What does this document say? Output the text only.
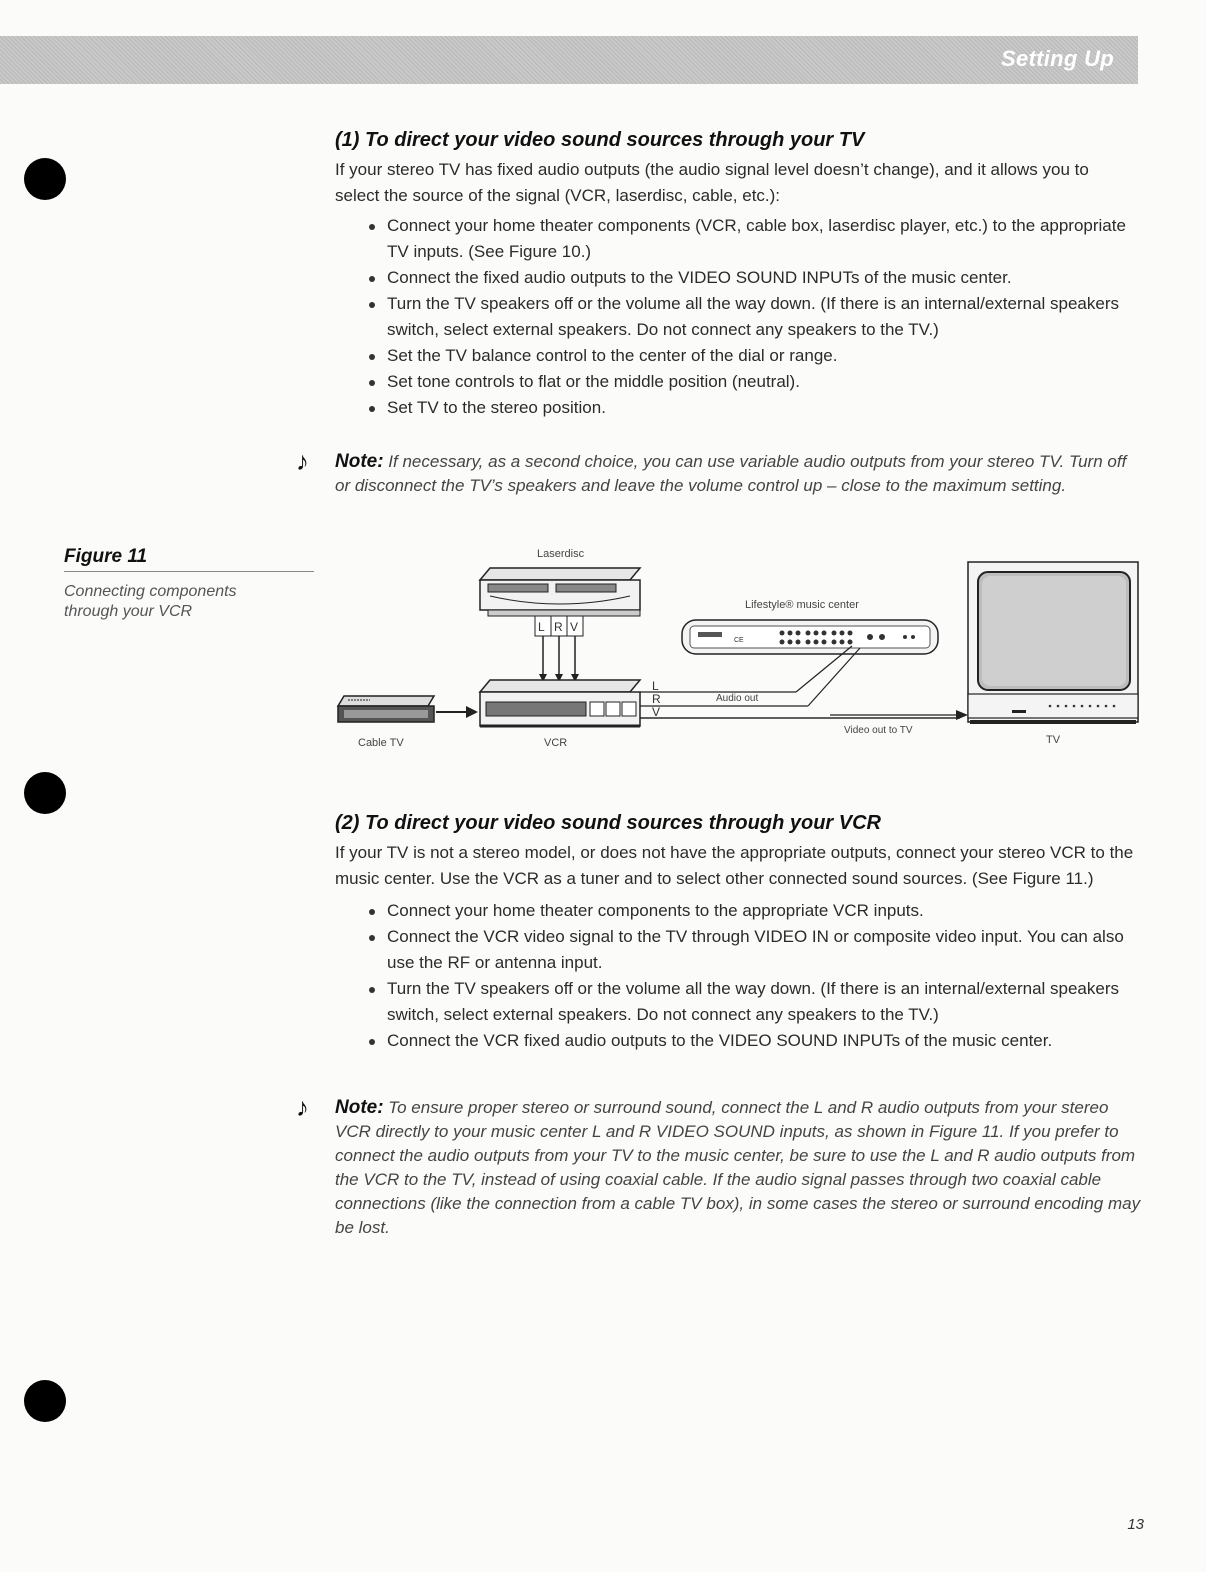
Setting Up
(1) To direct your video sound sources through your TV
If your stereo TV has fixed audio outputs (the audio signal level doesn’t change), and it allows you to select the source of the signal (VCR, laserdisc, cable, etc.):
Connect your home theater components (VCR, cable box, laserdisc player, etc.) to the appropriate TV inputs. (See Figure 10.)
Connect the fixed audio outputs to the VIDEO SOUND INPUTs of the music center.
Turn the TV speakers off or the volume all the way down. (If there is an internal/external speakers switch, select external speakers. Do not connect any speakers to the TV.)
Set the TV balance control to the center of the dial or range.
Set tone controls to flat or the middle position (neutral).
Set TV to the stereo position.
♪ Note: If necessary, as a second choice, you can use variable audio outputs from your stereo TV. Turn off or disconnect the TV’s speakers and leave the volume control up – close to the maximum setting.
Figure 11
Connecting components through your VCR
Laserdisc
L R V
VCR
Cable TV
CE
Lifestyle® music center
L
R
V
Audio out
Video out to TV
TV
(2) To direct your video sound sources through your VCR
If your TV is not a stereo model, or does not have the appropriate outputs, connect your stereo VCR to the music center. Use the VCR as a tuner and to select other connected sound sources. (See Figure 11.)
Connect your home theater components to the appropriate VCR inputs.
Connect the VCR video signal to the TV through VIDEO IN or composite video input. You can also use the RF or antenna input.
Turn the TV speakers off or the volume all the way down. (If there is an internal/external speakers switch, select external speakers. Do not connect any speakers to the TV.)
Connect the VCR fixed audio outputs to the VIDEO SOUND INPUTs of the music center.
♪ Note: To ensure proper stereo or surround sound, connect the L and R audio outputs from your stereo VCR directly to your music center L and R VIDEO SOUND inputs, as shown in Figure 11. If you prefer to connect the audio outputs from your TV to the music center, be sure to use the L and R audio outputs from the VCR to the TV, instead of using coaxial cable. If the audio signal passes through two coaxial cable connections (like the connection from a cable TV box), in some cases the stereo or surround encoding may be lost.
13
